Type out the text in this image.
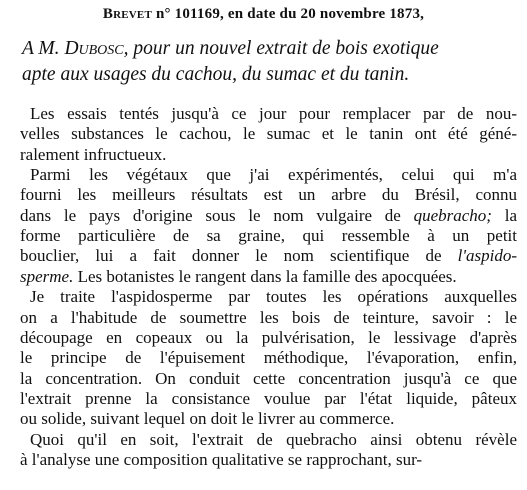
Brevet n° 101169, en date du 20 novembre 1873,
A M. Dubosc, pour un nouvel extrait de bois exotique
apte aux usages du cachou, du sumac et du tanin.
Les essais tentés jusqu'à ce jour pour remplacer par de nou-
velles substances le cachou, le sumac et le tanin ont été géné-
ralement infructueux.
Parmi les végétaux que j'ai expérimentés, celui qui m'a
fourni les meilleurs résultats est un arbre du Brésil, connu
dans le pays d'origine sous le nom vulgaire de quebracho; la
forme particulière de sa graine, qui ressemble à un petit
bouclier, lui a fait donner le nom scientifique de l'aspido-
sperme. Les botanistes le rangent dans la famille des apocquées.
Je traite l'aspidosperme par toutes les opérations auxquelles
on a l'habitude de soumettre les bois de teinture, savoir : le
découpage en copeaux ou la pulvérisation, le lessivage d'après
le principe de l'épuisement méthodique, l'évaporation, enfin,
la concentration. On conduit cette concentration jusqu'à ce que
l'extrait prenne la consistance voulue par l'état liquide, pâteux
ou solide, suivant lequel on doit le livrer au commerce.
Quoi qu'il en soit, l'extrait de quebracho ainsi obtenu révèle
à l'analyse une composition qualitative se rapprochant, sur-
